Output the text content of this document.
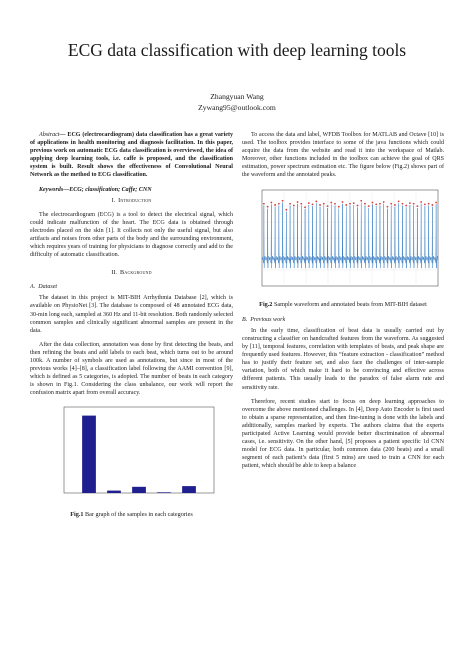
ECG data classification with deep learning tools
Zhangyuan Wang
Zywang95@outlook.com

Abstract— ECG (electrocardiogram) data classification has a great variety of applications in health monitoring and diagnosis facilitation. In this paper, previous work on automatic ECG data classification is overviewed, the idea of applying deep learning tools, i.e. caffe is proposed, and the classification system is built. Result shows the effectiveness of Convolutional Neural Network as the method to ECG classification.

Keywords—ECG; classification; Caffe; CNN

I. Introduction

The electrocardiogram (ECG) is a tool to detect the electrical signal, which could indicate malfunction of the heart. The ECG data is obtained through electrodes placed on the skin [1]. It collects not only the useful signal, but also artifacts and noises from other parts of the body and the surrounding environment, which requires years of training for physicians to diagnose correctly and add to the difficulty of automatic classification.

II. Background
A. Dataset

The dataset in this project is MIT-BIH Arrhythmia Database [2], which is available on PhysioNet [3]. The database is composed of 48 annotated ECG data, 30-min long each, sampled at 360 Hz and 11-bit resolution. Both randomly selected common samples and clinically significant abnormal samples are present in the data.

After the data collection, annotation was done by first detecting the beats, and then refining the beats and add labels to each beat, which turns out to be around 100k. A number of symbols are used as annotations, but since in most of the previous works [4]–[8], a classification label following the AAMI convention [9], which is defined as 5 categories, is adopted. The number of beats in each category is shown in Fig.1. Considering the class unbalance, our work will report the confusion matrix apart from overall accuracy.

Fig.1 Bar graph of the samples in each categories

To access the data and label, WFDB Toolbox for MATLAB and Octave [10] is used. The toolbox provides interface to some of the java functions which could acquire the data from the website and read it into the workspace of Matlab. Moreover, other functions included in the toolbox can achieve the goal of QRS estimation, power spectrum estimation etc. The figure below (Fig.2) shows part of the waveform and the annotated peaks.

Fig.2 Sample waveform and annotated beats from MIT-BIH dataset
B. Previous work

In the early time, classification of beat data is usually carried out by constructing a classifier on handcrafted features from the waveform. As suggested by [11], temporal features, correlation with templates of beats, and peak shape are frequently used features. However, this “feature extraction - classification” method has to justify their feature set, and also face the challenges of inter-sample variation, both of which make it hard to be convincing and effective across different patients. This usually leads to the paradox of false alarm rate and sensitivity rate.

Therefore, recent studies start to focus on deep learning approaches to overcome the above mentioned challenges. In [4], Deep Auto Encoder is first used to obtain a sparse representation, and then fine-tuning is done with the labels and additionally, samples marked by experts. The authors claims that the experts participated Active Learning would provide better discrimination of abnormal cases, i.e. sensitivity. On the other hand, [5] proposes a patient specific 1d CNN model for ECG data. In particular, both common data (200 beats) and a small segment of each patient’s data (first 5 mins) are used to train a CNN for each patient, which should be able to keep a balance
